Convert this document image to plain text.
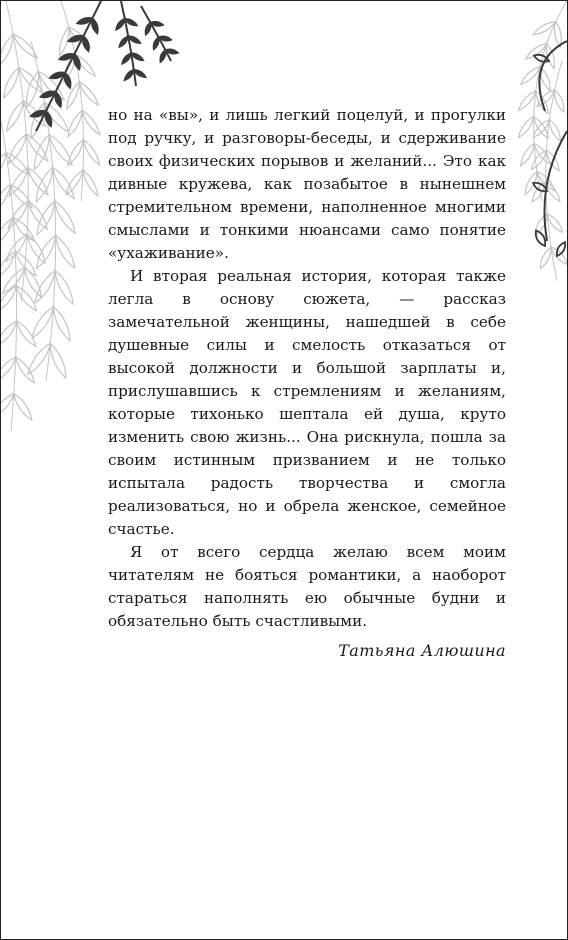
но на «вы», и лишь легкий поцелуй, и прогулки под ручку, и разговоры-беседы, и сдерживание своих физических порывов и желаний... Это как дивные кружева, как позабытое в нынешнем стремительном времени, наполненное многими смыслами и тонкими нюансами само понятие «ухаживание».

И вторая реальная история, которая также легла в основу сюжета, — рассказ замечательной женщины, нашедшей в себе душевные силы и смелость отказаться от высокой должности и большой зарплаты и, прислушавшись к стремлениям и желаниям, которые тихонько шептала ей душа, круто изменить свою жизнь... Она рискнула, пошла за своим истинным призванием и не только испытала радость творчества и смогла реализоваться, но и обрела женское, семейное счастье.

Я от всего сердца желаю всем моим читателям не бояться романтики, а наоборот стараться наполнять ею обычные будни и обязательно быть счастливыми.

Татьяна Алюшина
